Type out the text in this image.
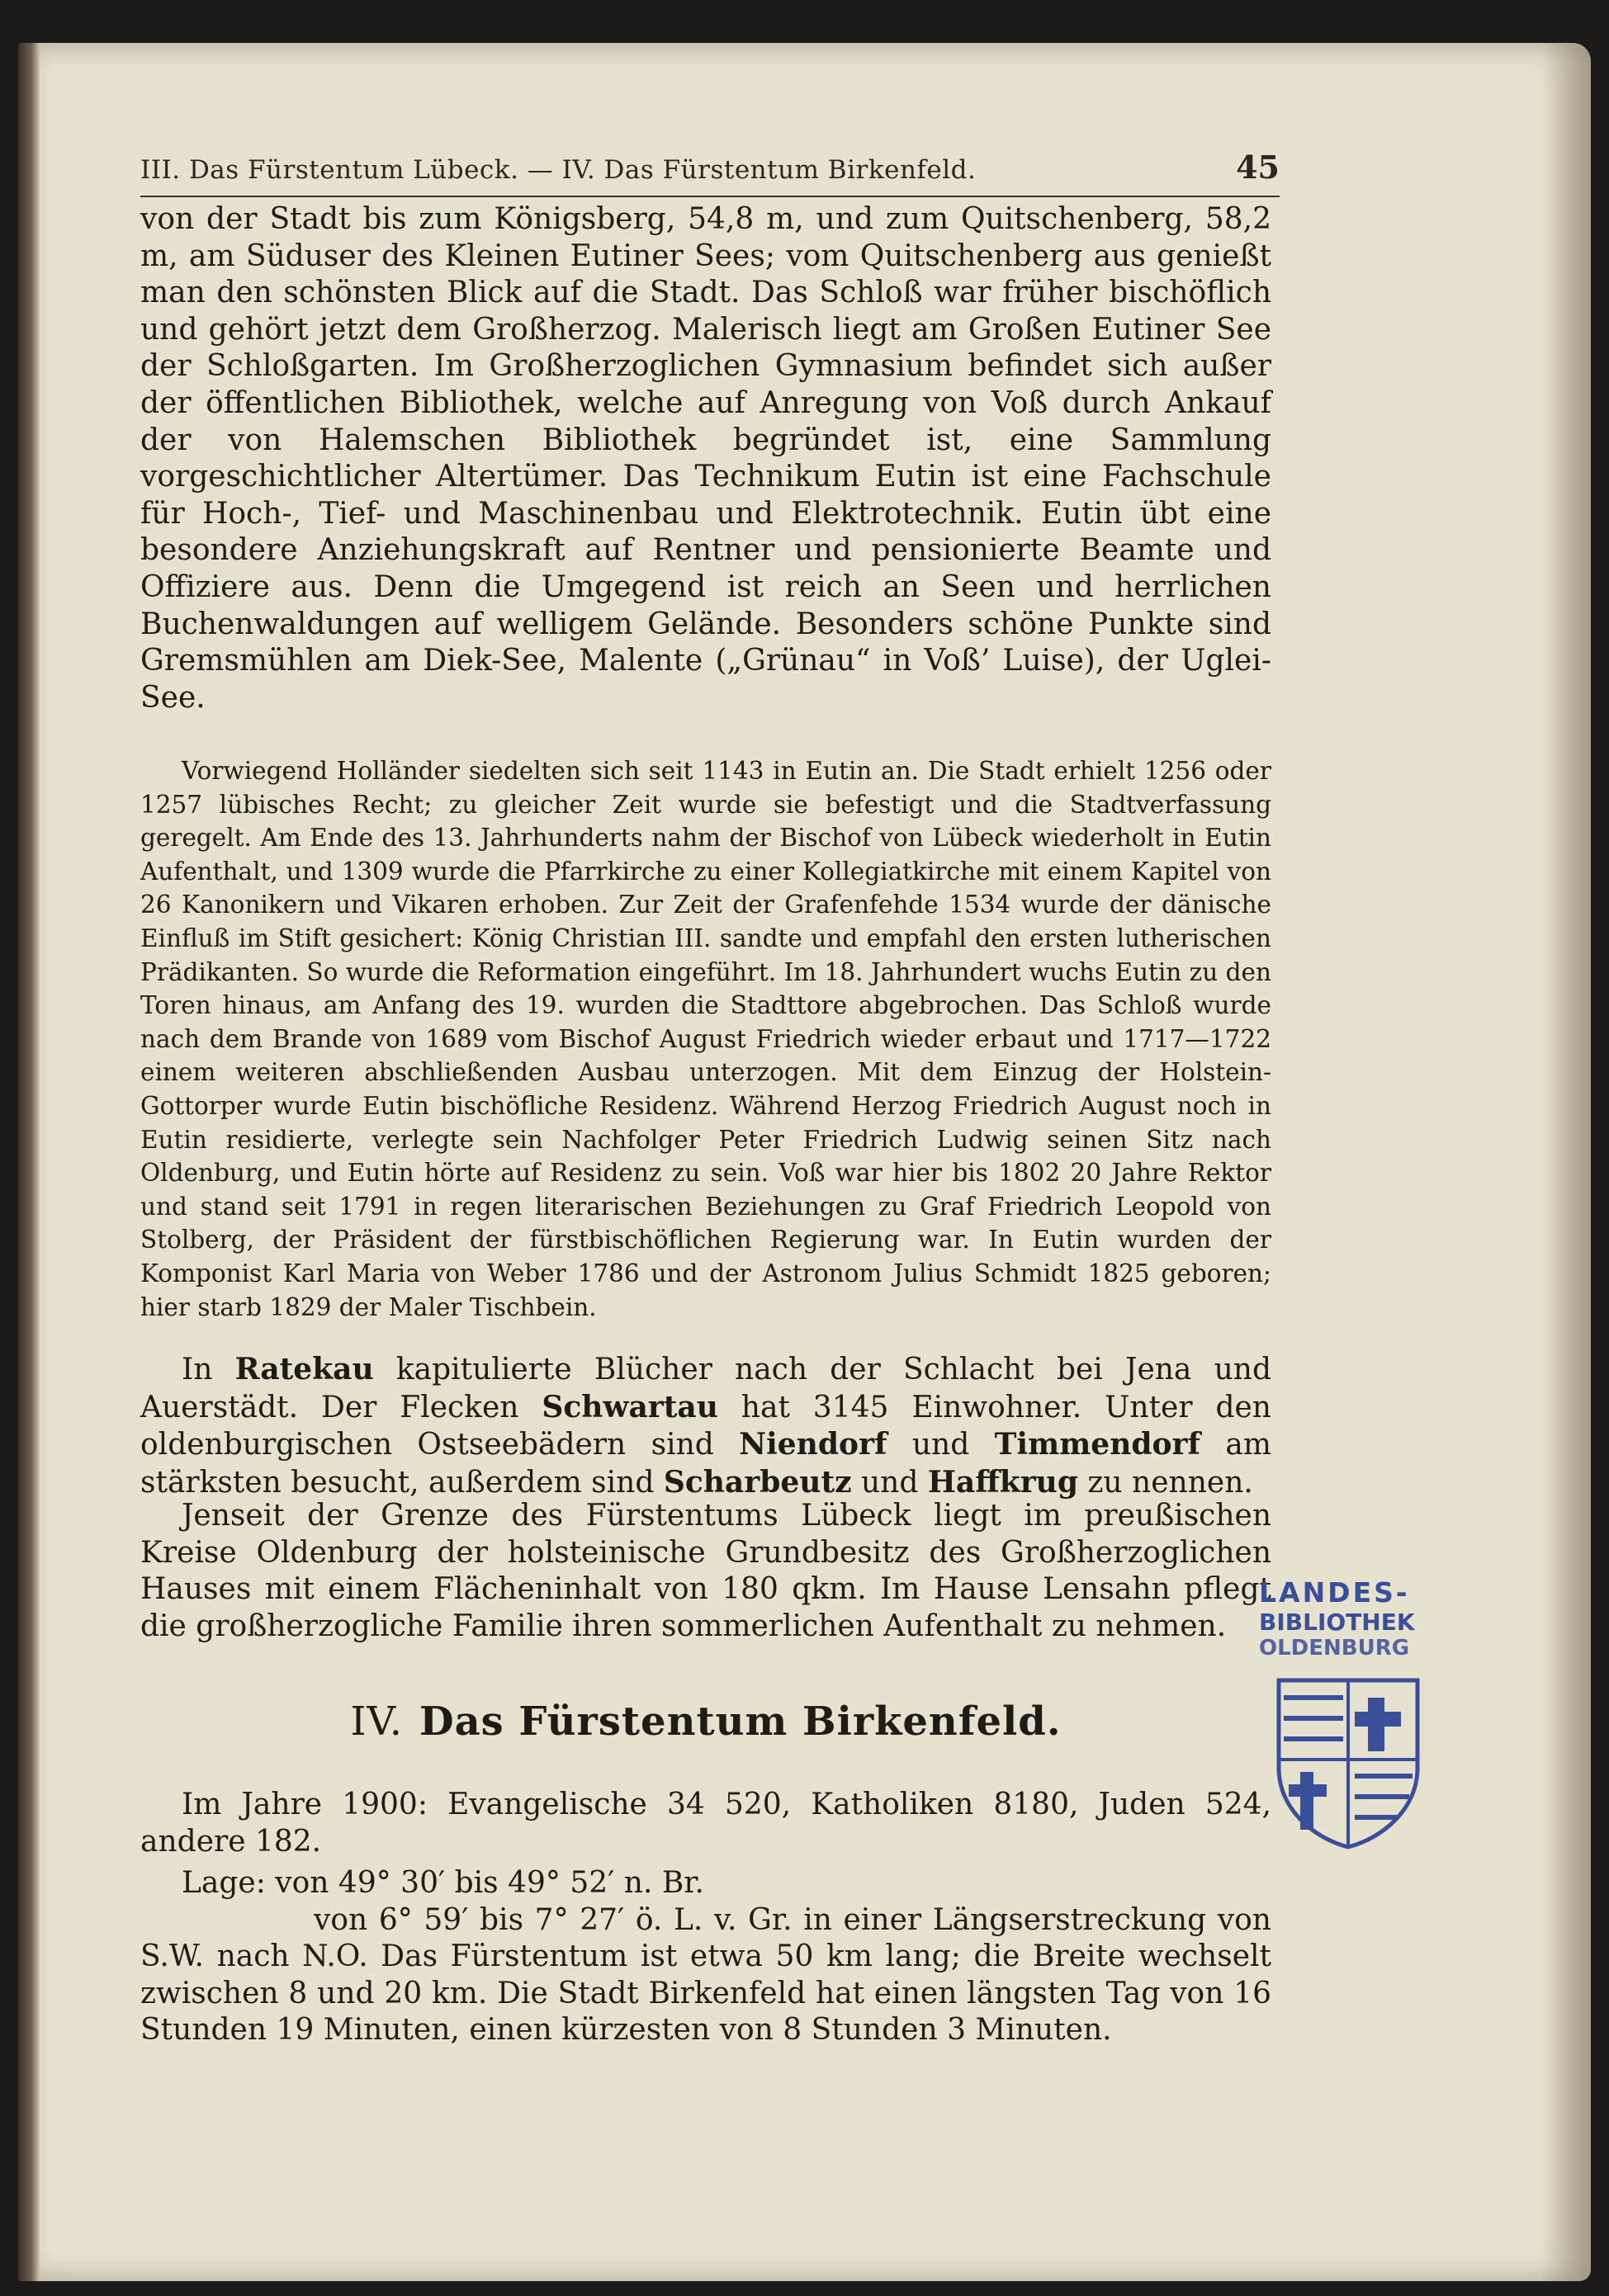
III. Das Fürstentum Lübeck. — IV. Das Fürstentum Birkenfeld.	45

von der Stadt bis zum Königsberg, 54,8 m, und zum Quitschenberg, 58,2 m, am Süduser des Kleinen Eutiner Sees; vom Quitschenberg aus genießt man den schönsten Blick auf die Stadt. Das Schloß war früher bischöflich und gehört jetzt dem Großherzog. Malerisch liegt am Großen Eutiner See der Schloßgarten. Im Großherzoglichen Gymnasium befindet sich außer der öffentlichen Bibliothek, welche auf Anregung von Voß durch Ankauf der von Halemschen Bibliothek begründet ist, eine Sammlung vorgeschichtlicher Altertümer. Das Technikum Eutin ist eine Fachschule für Hoch-, Tief- und Maschinenbau und Elektrotechnik. Eutin übt eine besondere Anziehungskraft auf Rentner und pensionierte Beamte und Offiziere aus. Denn die Umgegend ist reich an Seen und herrlichen Buchenwaldungen auf welligem Gelände. Besonders schöne Punkte sind Gremsmühlen am Diek-See, Malente („Grünau“ in Voß’ Luise), der Uglei-See.

Vorwiegend Holländer siedelten sich seit 1143 in Eutin an. Die Stadt erhielt 1256 oder 1257 lübisches Recht; zu gleicher Zeit wurde sie befestigt und die Stadtverfassung geregelt. Am Ende des 13. Jahrhunderts nahm der Bischof von Lübeck wiederholt in Eutin Aufenthalt, und 1309 wurde die Pfarrkirche zu einer Kollegiatkirche mit einem Kapitel von 26 Kanonikern und Vikaren erhoben. Zur Zeit der Grafenfehde 1534 wurde der dänische Einfluß im Stift gesichert: König Christian III. sandte und empfahl den ersten lutherischen Prädikanten. So wurde die Reformation eingeführt. Im 18. Jahrhundert wuchs Eutin zu den Toren hinaus, am Anfang des 19. wurden die Stadttore abgebrochen. Das Schloß wurde nach dem Brande von 1689 vom Bischof August Friedrich wieder erbaut und 1717—1722 einem weiteren abschließenden Ausbau unterzogen. Mit dem Einzug der Holstein-Gottorper wurde Eutin bischöfliche Residenz. Während Herzog Friedrich August noch in Eutin residierte, verlegte sein Nachfolger Peter Friedrich Ludwig seinen Sitz nach Oldenburg, und Eutin hörte auf Residenz zu sein. Voß war hier bis 1802 20 Jahre Rektor und stand seit 1791 in regen literarischen Beziehungen zu Graf Friedrich Leopold von Stolberg, der Präsident der fürstbischöflichen Regierung war. In Eutin wurden der Komponist Karl Maria von Weber 1786 und der Astronom Julius Schmidt 1825 geboren; hier starb 1829 der Maler Tischbein.

In Ratekau kapitulierte Blücher nach der Schlacht bei Jena und Auerstädt. Der Flecken Schwartau hat 3145 Einwohner. Unter den oldenburgischen Ostseebädern sind Niendorf und Timmendorf am stärksten besucht, außerdem sind Scharbeutz und Haffkrug zu nennen.

Jenseit der Grenze des Fürstentums Lübeck liegt im preußischen Kreise Oldenburg der holsteinische Grundbesitz des Großherzoglichen Hauses mit einem Flächeninhalt von 180 qkm. Im Hause Lensahn pflegt die großherzogliche Familie ihren sommerlichen Aufenthalt zu nehmen.

IV. Das Fürstentum Birkenfeld.

Im Jahre 1900: Evangelische 34 520, Katholiken 8180, Juden 524, andere 182.

Lage: von 49° 30′ bis 49° 52′ n. Br.

von 6° 59′ bis 7° 27′ ö. L. v. Gr. in einer Längserstreckung von S.W. nach N.O. Das Fürstentum ist etwa 50 km lang; die Breite wechselt zwischen 8 und 20 km. Die Stadt Birkenfeld hat einen längsten Tag von 16 Stunden 19 Minuten, einen kürzesten von 8 Stunden 3 Minuten.

LANDES-
BIBLIOTHEK
OLDENBURG
